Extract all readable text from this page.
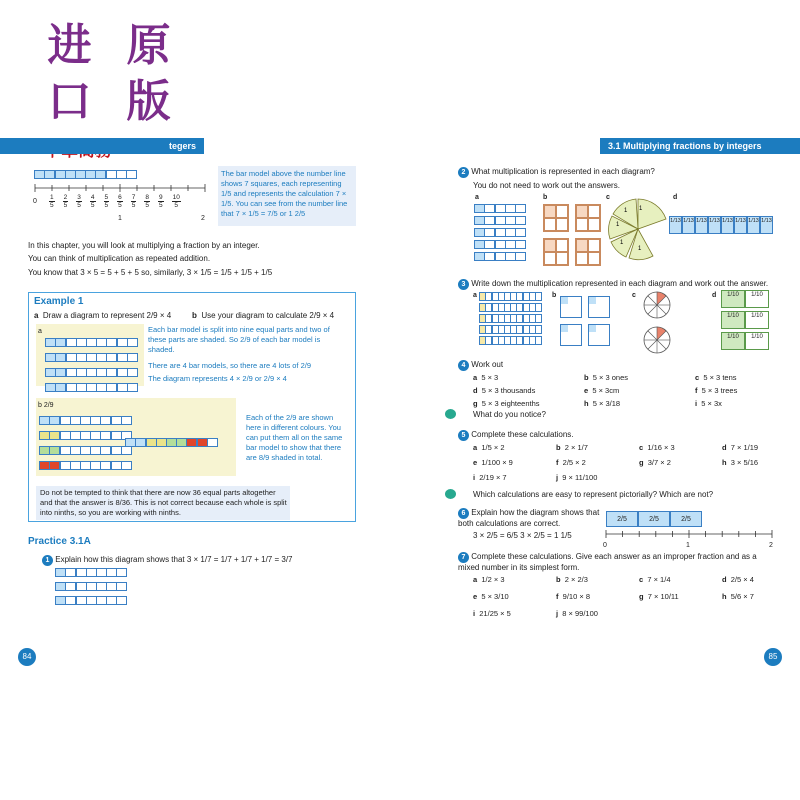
进 原
口 版
tegers	3.1 Multiplying fractions by integers
$0 \frac{1}{5} \frac{2}{5} \frac{3}{5} \frac{4}{5} \frac{5}{5} \frac{6}{5} \frac{7}{5} \frac{8}{5} \frac{9}{5} \frac{10}{5}$
1	2
The bar model above the number line shows 7 squares, each representing 1/5 and represents the calculation 7 × 1/5. You can see from the number line that 7 × 1/5 = 7/5 or 1 2/5
In this chapter, you will look at multiplying a fraction by an integer.
You can think of multiplication as repeated addition.
You know that 3 × 5 = 5 + 5 + 5 so, similarly, 3 × 1/5 = 1/5 + 1/5 + 1/5
Example 1
a Draw a diagram to represent 2/9 × 4	b Use your diagram to calculate 2/9 × 4
a	Each bar model is split into nine equal parts and two of these parts are shaded. So 2/9 of each bar model is shaded.
There are 4 bar models, so there are 4 lots of 2/9
The diagram represents 4 × 2/9 or 2/9 × 4
b 2/9
Each of the 2/9 are shown here in different colours. You can put them all on the same bar model to show that there are 8/9 shaded in total.
Do not be tempted to think that there are now 36 equal parts altogether and that the answer is 8/36. This is not correct because each whole is split into ninths, so you are working with ninths.
Practice 3.1A
1 Explain how this diagram shows that 3 × 1/7 = 1/7 + 1/7 + 1/7 = 3/7
84	85
2 What multiplication is represented in each diagram?
You do not need to work out the answers.
a	b	c
1
1
1
1
1
d
1/13 1/13 1/13 1/13 1/13 1/13 1/13 1/13
3 Write down the multiplication represented in each diagram and work out the answer.
a	b	c	d	1/10	1/10
1/10	1/10
1/10	1/10
4 Work out
a 5 × 3	b 5 × 3 ones	c 5 × 3 tens
d 5 × 3 thousands	e 5 × 3cm	f 5 × 3 trees
g 5 × 3 eighteenths	h 5 × 3/18	i 5 × 3x
What do you notice?
5 Complete these calculations.
a 1/5 × 2	b 2 × 1/7	c 1/16 × 3	d 7 × 1/19
e 1/100 × 9	f 2/5 × 2	g 3/7 × 2	h 3 × 5/16
i 2/19 × 7	j 9 × 11/100
Which calculations are easy to represent pictorially? Which are not?
6 Explain how the diagram shows that both calculations are correct.
3 × 2/5 = 6/5 3 × 2/5 = 1 1/5
2/5	2/5	2/5
0	1	2
7 Complete these calculations. Give each answer as an improper fraction and as a mixed number in its simplest form.
a 1/2 × 3	b 2 × 2/3	c 7 × 1/4	d 2/5 × 4
e 5 × 3/10	f 9/10 × 8	g 7 × 10/11	h 5/6 × 7
i 21/25 × 5	j 8 × 99/100
